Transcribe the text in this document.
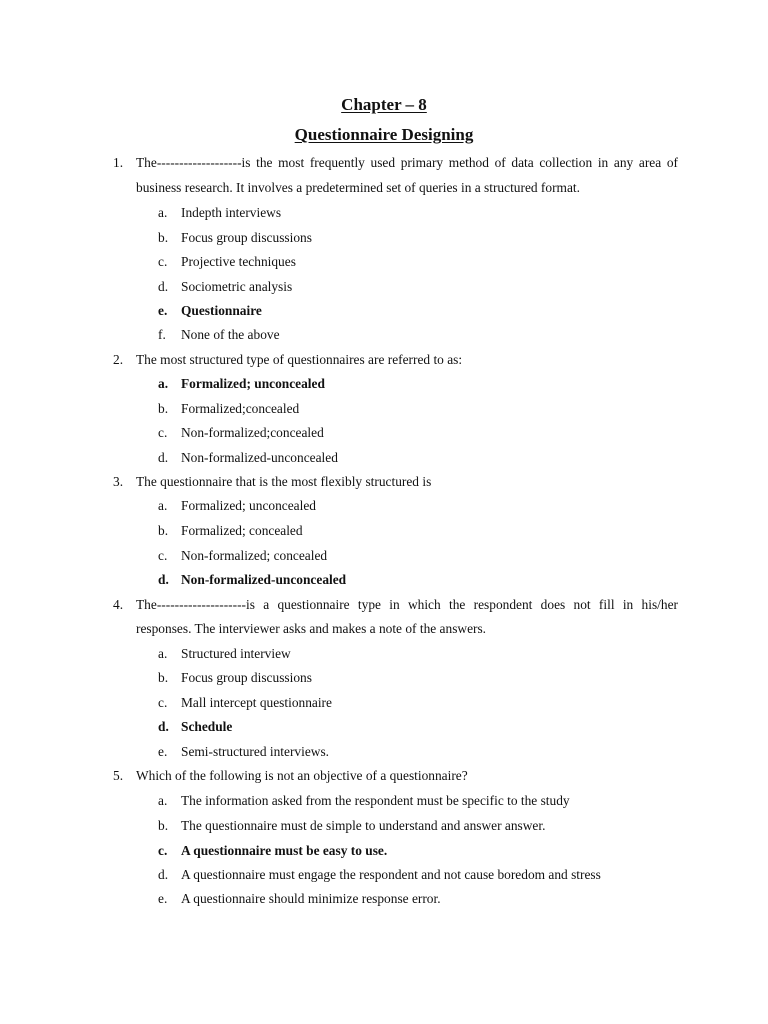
Chapter – 8
Questionnaire Designing
1. The-------------------is the most frequently used primary method of data collection in any area of
business research. It involves a predetermined set of queries in a structured format.
a.	Indepth interviews
b. Focus group discussions
c.	Projective techniques
d. Sociometric analysis
e.	Questionnaire
f.	None of the above
2. The most structured type of questionnaires are referred to as:
a. Formalized; unconcealed
b. Formalized;concealed
c.	Non-formalized;concealed
d. Non-formalized-unconcealed
3. The questionnaire that is the most flexibly structured is
a.	Formalized; unconcealed
b. Formalized; concealed
c.	Non-formalized; concealed
d. Non-formalized-unconcealed
4. The--------------------is a questionnaire type in which the respondent does not fill in his/her
responses. The interviewer asks and makes a note of the answers.
a.	Structured interview
b. Focus group discussions
c.	Mall intercept questionnaire
d. Schedule
e.	Semi-structured interviews.
5. Which of the following is not an objective of a questionnaire?
a.	The information asked from the respondent must be specific to the study
b. The questionnaire must de simple to understand and answer answer.
c.	A questionnaire must be easy to use.
d. A questionnaire must engage the respondent and not cause boredom and stress
e.	A questionnaire should minimize response error.
